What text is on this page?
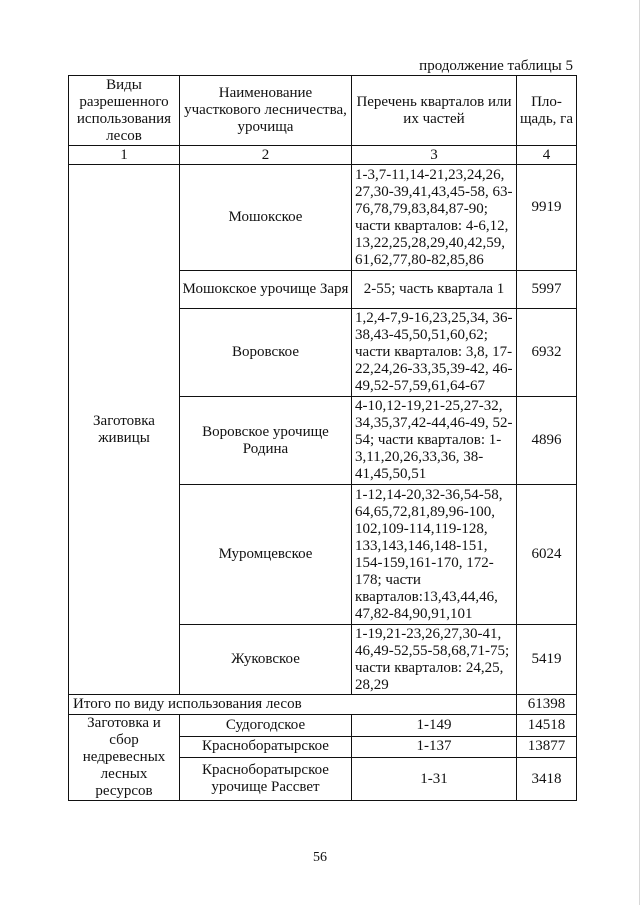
продолжение таблицы 5
Виды разрешенного использования лесов	Наименование участкового лесничества, урочища	Перечень кварталов или их частей	Пло-щадь, га
1	2	3	4
Заготовка живицы	Мошокское	1-3,7-11,14-21,23,24,26, 27,30-39,41,43,45-58, 63-76,78,79,83,84,87-90; части кварталов: 4-6,12, 13,22,25,28,29,40,42,59, 61,62,77,80-82,85,86	9919
	Мошокское урочище Заря	2-55; часть квартала 1	5997
	Воровское	1,2,4-7,9-16,23,25,34, 36-38,43-45,50,51,60,62; части кварталов: 3,8, 17-22,24,26-33,35,39-42, 46-49,52-57,59,61,64-67	6932
	Воровское урочище Родина	4-10,12-19,21-25,27-32, 34,35,37,42-44,46-49, 52-54; части кварталов: 1-3,11,20,26,33,36, 38-41,45,50,51	4896
	Муромцевское	1-12,14-20,32-36,54-58, 64,65,72,81,89,96-100, 102,109-114,119-128, 133,143,146,148-151, 154-159,161-170, 172-178; части кварталов:13,43,44,46, 47,82-84,90,91,101	6024
	Жуковское	1-19,21-23,26,27,30-41, 46,49-52,55-58,68,71-75; части кварталов: 24,25, 28,29	5419
Итого по виду использования лесов			61398
Заготовка и сбор недревесных лесных ресурсов	Судогодское	1-149	14518
	Красноборатырское	1-137	13877
	Красноборатырское урочище Рассвет	1-31	3418
56
